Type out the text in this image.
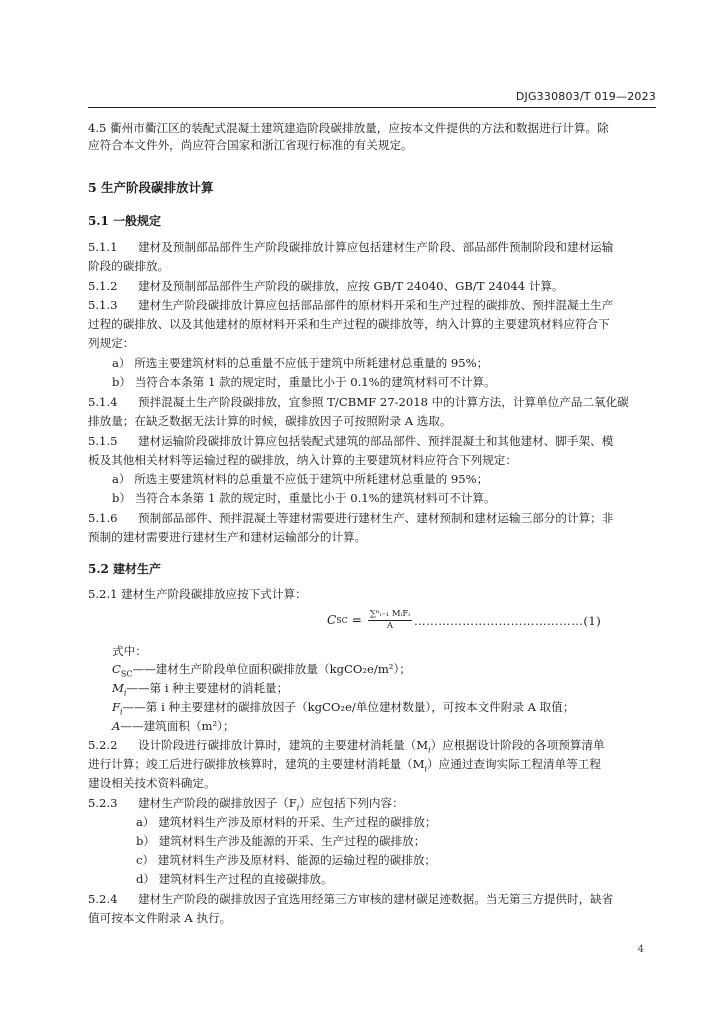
DJG330803/T 019—2023

4.5 衢州市衢江区的装配式混凝土建筑建造阶段碳排放量，应按本文件提供的方法和数据进行计算。除

应符合本文件外，尚应符合国家和浙江省现行标准的有关规定。

5 生产阶段碳排放计算

5.1 一般规定

5.1.1 建材及预制部品部件生产阶段碳排放计算应包括建材生产阶段、部品部件预制阶段和建材运输

阶段的碳排放。

5.1.2 建材及预制部品部件生产阶段的碳排放，应按 GB/T 24040、GB/T 24044 计算。

5.1.3 建材生产阶段碳排放计算应包括部品部件的原材料开采和生产过程的碳排放、预拌混凝土生产

过程的碳排放、以及其他建材的原材料开采和生产过程的碳排放等，纳入计算的主要建筑材料应符合下

列规定：

a） 所选主要建筑材料的总重量不应低于建筑中所耗建材总重量的 95%；

b） 当符合本条第 1 款的规定时，重量比小于 0.1%的建筑材料可不计算。

5.1.4 预拌混凝土生产阶段碳排放，宜参照 T/CBMF 27-2018 中的计算方法，计算单位产品二氧化碳

排放量；在缺乏数据无法计算的时候，碳排放因子可按照附录 A 选取。

5.1.5 建材运输阶段碳排放计算应包括装配式建筑的部品部件、预拌混凝土和其他建材、脚手架、模

板及其他相关材料等运输过程的碳排放，纳入计算的主要建筑材料应符合下列规定：

a） 所选主要建筑材料的总重量不应低于建筑中所耗建材总重量的 95%；

b） 当符合本条第 1 款的规定时，重量比小于 0.1%的建筑材料可不计算。

5.1.6 预制部品部件、预拌混凝土等建材需要进行建材生产、建材预制和建材运输三部分的计算；非

预制的建材需要进行建材生产和建材运输部分的计算。

5.2 建材生产

5.2.1 建材生产阶段碳排放应按下式计算：

C SC = $\frac{\text{∑ⁿᵢ₌₁ MᵢFᵢ}}{A}$ ……………………………………(1)

式中：

$C_{SC}——$建材生产阶段单位面积碳排放量（kgCO₂e/m²）；

$M_i——$第 i 种主要建材的消耗量；

$F_i——$第 i 种主要建材的碳排放因子（kgCO₂e/单位建材数量），可按本文件附录 A 取值；

A——建筑面积（m²）；

5.2.2 设计阶段进行碳排放计算时，建筑的主要建材消耗量$(M_i)$应根据设计阶段的各项预算清单

进行计算；竣工后进行碳排放核算时，建筑的主要建材消耗量$(M_i)$应通过查询实际工程清单等工程

建设相关技术资料确定。

5.2.3 建材生产阶段的碳排放因子$(F_i)$应包括下列内容：

a） 建筑材料生产涉及原材料的开采、生产过程的碳排放；

b） 建筑材料生产涉及能源的开采、生产过程的碳排放；

c） 建筑材料生产涉及原材料、能源的运输过程的碳排放；

d） 建筑材料生产过程的直接碳排放。

5.2.4 建材生产阶段的碳排放因子宜选用经第三方审核的建材碳足迹数据。当无第三方提供时，缺省

值可按本文件附录 A 执行。

4
